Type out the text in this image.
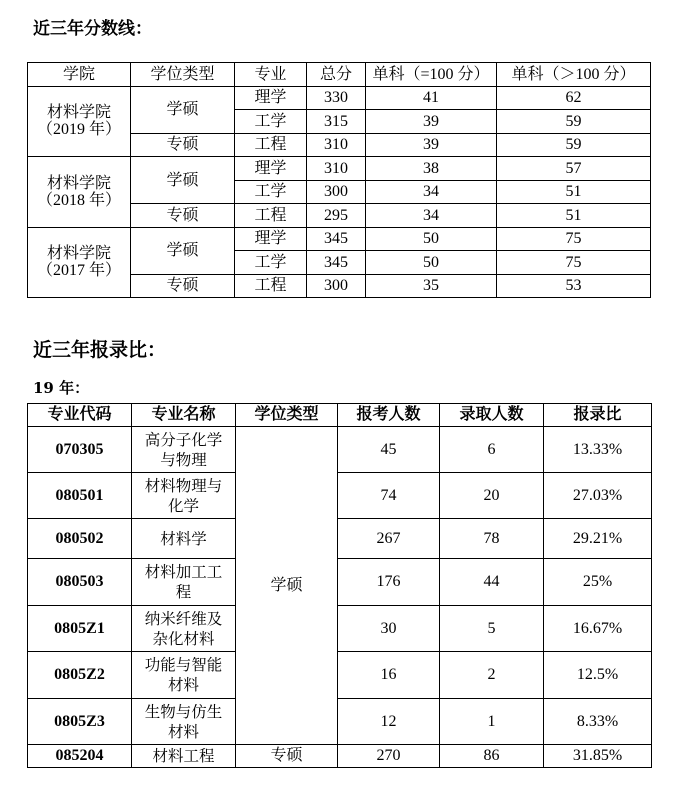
近三年分数线：

学院	学位类型	专业	总分	单科（=100 分）	单科（＞100 分）
材料学院
（2019 年）	学硕	理学	330	41	62
		工学	315	39	59
	专硕	工程	310	39	59
材料学院
（2018 年）	学硕	理学	310	38	57
		工学	300	34	51
	专硕	工程	295	34	51
材料学院
（2017 年）	学硕	理学	345	50	75
		工学	345	50	75
	专硕	工程	300	35	53

近三年报录比：

19 年：

专业代码	专业名称	学位类型	报考人数	录取人数	报录比
070305	高分子化学
与物理	学硕	45	6	13.33%
080501	材料物理与
化学		74	20	27.03%
080502	材料学		267	78	29.21%
080503	材料加工工
程		176	44	25%
0805Z1	纳米纤维及
杂化材料		30	5	16.67%
0805Z2	功能与智能
材料		16	2	12.5%
0805Z3	生物与仿生
材料		12	1	8.33%
085204	材料工程	专硕	270	86	31.85%
